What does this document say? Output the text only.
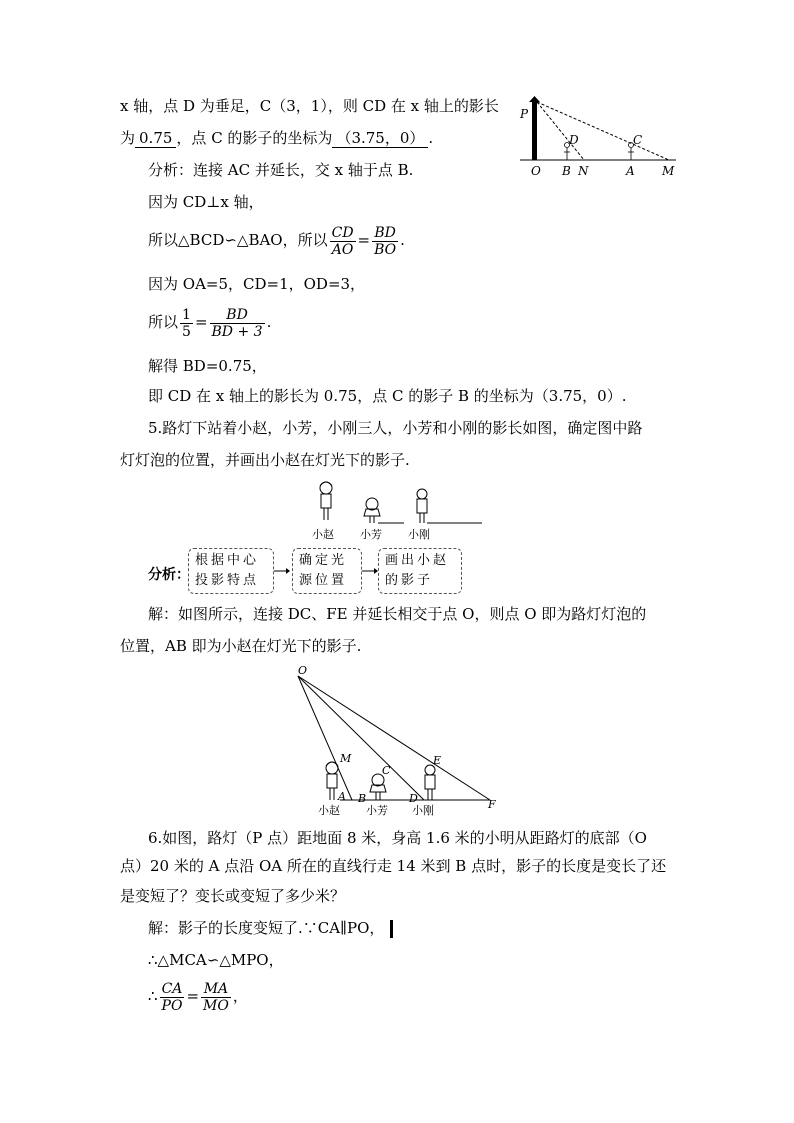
x 轴，点 D 为垂足，C（3，1），则 CD 在 x 轴上的影长
为 0.75 ，点 C 的影子的坐标为 （3.75，0） .
分析：连接 AC 并延长，交 x 轴于点 B.
因为 CD⊥x 轴，
所以△BCD∽△BAO，所以 $\frac{CD}{AO} = \frac{BD}{BO}$ .
因为 OA=5，CD=1，OD=3，
所以 $\frac{1}{5} = \frac{BD}{BD + 3}$ .
解得 BD=0.75，
即 CD 在 x 轴上的影长为 0.75，点 C 的影子 B 的坐标为（3.75，0）.
P
D	C
O B N	A M
5.路灯下站着小赵，小芳，小刚三人，小芳和小刚的影长如图，确定图中路
灯灯泡的位置，并画出小赵在灯光下的影子.
小赵 小芳 小刚
分析：
根据中心
投影特点
确定光
源位置
画出小赵
的影子
解：如图所示，连接 DC、FE 并延长相交于点 O，则点 O 即为路灯灯泡的
位置，AB 即为小赵在灯光下的影子.
O
M
C
E
A B	D	F
小赵 小芳 小刚
6.如图，路灯（P 点）距地面 8 米，身高 1.6 米的小明从距路灯的底部（O
点）20 米的 A 点沿 OA 所在的直线行走 14 米到 B 点时，影子的长度是变长了还
是变短了？变长或变短了多少米？
解：影子的长度变短了.∵CA∥PO，
∴△MCA∽△MPO，
∴ $\frac{CA}{PO} = \frac{MA}{MO}$ ，
